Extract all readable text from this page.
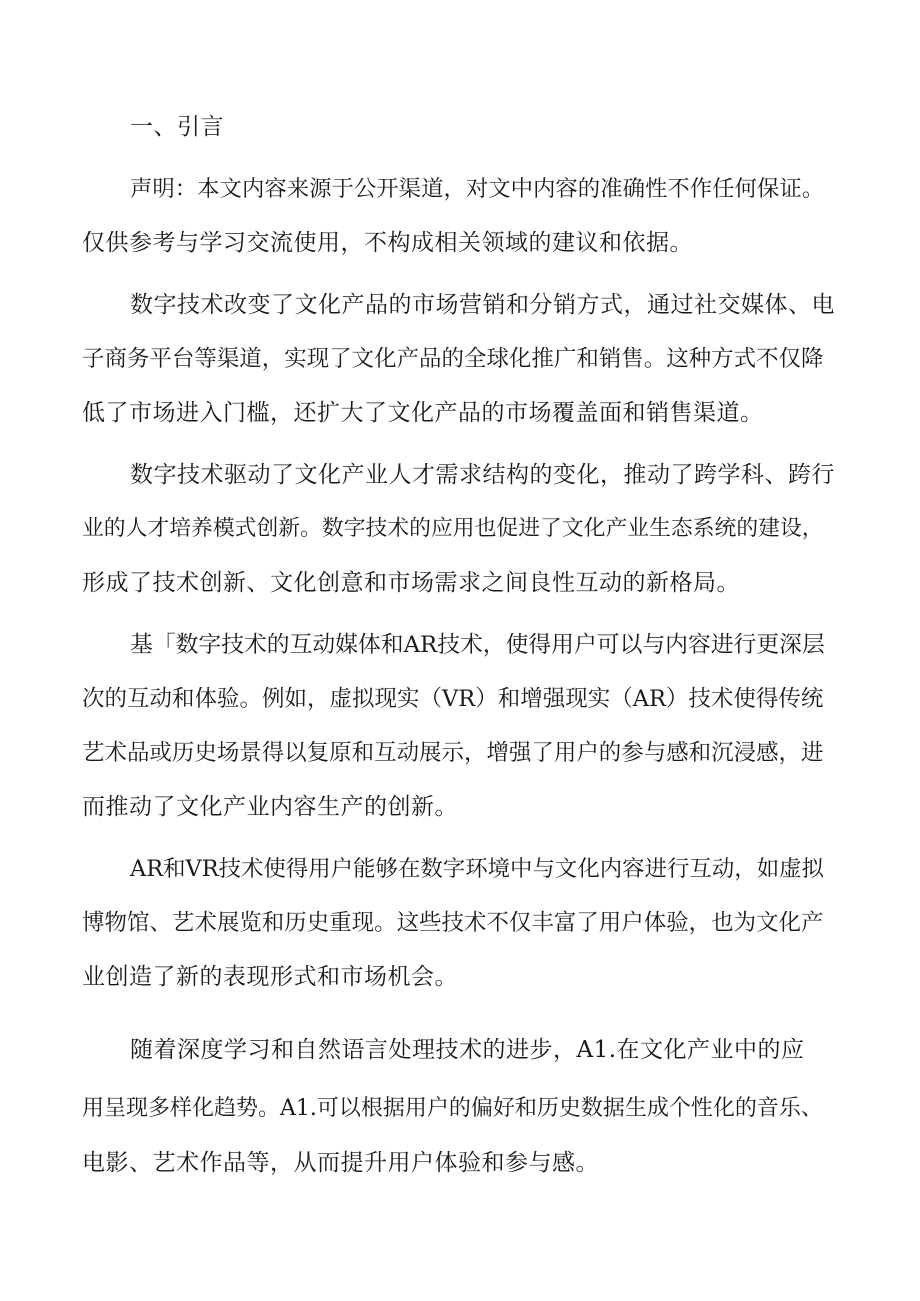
一、引言
声明：本文内容来源于公开渠道，对文中内容的准确性不作任何保证。
仅供参考与学习交流使用，不构成相关领域的建议和依据。
数字技术改变了文化产品的市场营销和分销方式，通过社交媒体、电
子商务平台等渠道，实现了文化产品的全球化推广和销售。这种方式不仅降
低了市场进入门槛，还扩大了文化产品的市场覆盖面和销售渠道。
数字技术驱动了文化产业人才需求结构的变化，推动了跨学科、跨行
业的人才培养模式创新。数字技术的应用也促进了文化产业生态系统的建设，
形成了技术创新、文化创意和市场需求之间良性互动的新格局。
基「数字技术的互动媒体和AR技术，使得用户可以与内容进行更深层
次的互动和体验。例如，虚拟现实（VR）和增强现实（AR）技术使得传统
艺术品或历史场景得以复原和互动展示，增强了用户的参与感和沉浸感，进
而推动了文化产业内容生产的创新。
AR和VR技术使得用户能够在数字环境中与文化内容进行互动，如虚拟
博物馆、艺术展览和历史重现。这些技术不仅丰富了用户体验，也为文化产
业创造了新的表现形式和市场机会。
随着深度学习和自然语言处理技术的进步，A1.在文化产业中的应
用呈现多样化趋势。A1.可以根据用户的偏好和历史数据生成个性化的音乐、
电影、艺术作品等，从而提升用户体验和参与感。
